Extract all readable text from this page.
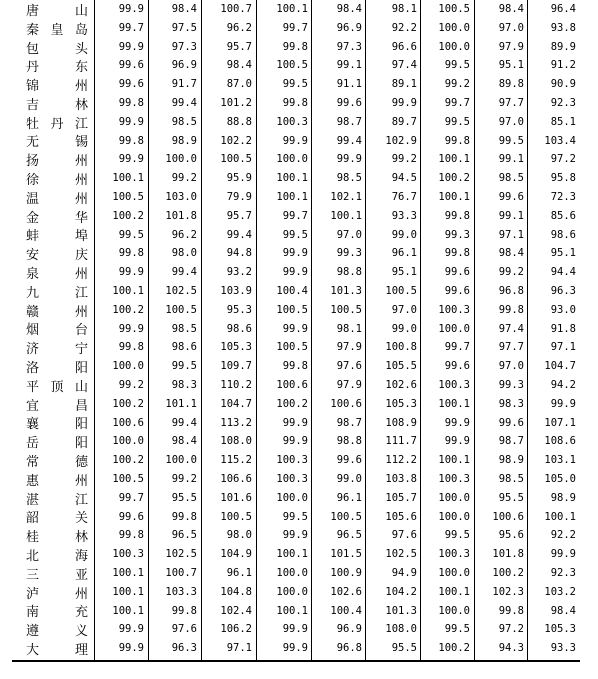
唐	山	99.9	98.4	100.7	100.1	98.4	98.1	100.5	98.4	96.4
秦 皇 岛	99.7	97.5	96.2	99.7	96.9	92.2	100.0	97.0	93.8
包	头	99.9	97.3	95.7	99.8	97.3	96.6	100.0	97.9	89.9
丹	东	99.6	96.9	98.4	100.5	99.1	97.4	99.5	95.1	91.2
锦	州	99.6	91.7	87.0	99.5	91.1	89.1	99.2	89.8	90.9
吉	林	99.8	99.4	101.2	99.8	99.6	99.9	99.7	97.7	92.3
牡 丹 江	99.9	98.5	88.8	100.3	98.7	89.7	99.5	97.0	85.1
无	锡	99.8	98.9	102.2	99.9	99.4	102.9	99.8	99.5	103.4
扬	州	99.9	100.0	100.5	100.0	99.9	99.2	100.1	99.1	97.2
徐	州	100.1	99.2	95.9	100.1	98.5	94.5	100.2	98.5	95.8
温	州	100.5	103.0	79.9	100.1	102.1	76.7	100.1	99.6	72.3
金	华	100.2	101.8	95.7	99.7	100.1	93.3	99.8	99.1	85.6
蚌	埠	99.5	96.2	99.4	99.5	97.0	99.0	99.3	97.1	98.6
安	庆	99.8	98.0	94.8	99.9	99.3	96.1	99.8	98.4	95.1
泉	州	99.9	99.4	93.2	99.9	98.8	95.1	99.6	99.2	94.4
九	江	100.1	102.5	103.9	100.4	101.3	100.5	99.6	96.8	96.3
赣	州	100.2	100.5	95.3	100.5	100.5	97.0	100.3	99.8	93.0
烟	台	99.9	98.5	98.6	99.9	98.1	99.0	100.0	97.4	91.8
济	宁	99.8	98.6	105.3	100.5	97.9	100.8	99.7	97.7	97.1
洛	阳	100.0	99.5	109.7	99.8	97.6	105.5	99.6	97.0	104.7
平 顶 山	99.2	98.3	110.2	100.6	97.9	102.6	100.3	99.3	94.2
宜	昌	100.2	101.1	104.7	100.2	100.6	105.3	100.1	98.3	99.9
襄	阳	100.6	99.4	113.2	99.9	98.7	108.9	99.9	99.6	107.1
岳	阳	100.0	98.4	108.0	99.9	98.8	111.7	99.9	98.7	108.6
常	德	100.2	100.0	115.2	100.3	99.6	112.2	100.1	98.9	103.1
惠	州	100.5	99.2	106.6	100.3	99.0	103.8	100.3	98.5	105.0
湛	江	99.7	95.5	101.6	100.0	96.1	105.7	100.0	95.5	98.9
韶	关	99.6	99.8	100.5	99.5	100.5	105.6	100.0	100.6	100.1
桂	林	99.8	96.5	98.0	99.9	96.5	97.6	99.5	95.6	92.2
北	海	100.3	102.5	104.9	100.1	101.5	102.5	100.3	101.8	99.9
三	亚	100.1	100.7	96.1	100.0	100.9	94.9	100.0	100.2	92.3
泸	州	100.1	103.3	104.8	100.0	102.6	104.2	100.1	102.3	103.2
南	充	100.1	99.8	102.4	100.1	100.4	101.3	100.0	99.8	98.4
遵	义	99.9	97.6	106.2	99.9	96.9	108.0	99.5	97.2	105.3
大	理	99.9	96.3	97.1	99.9	96.8	95.5	100.2	94.3	93.3
